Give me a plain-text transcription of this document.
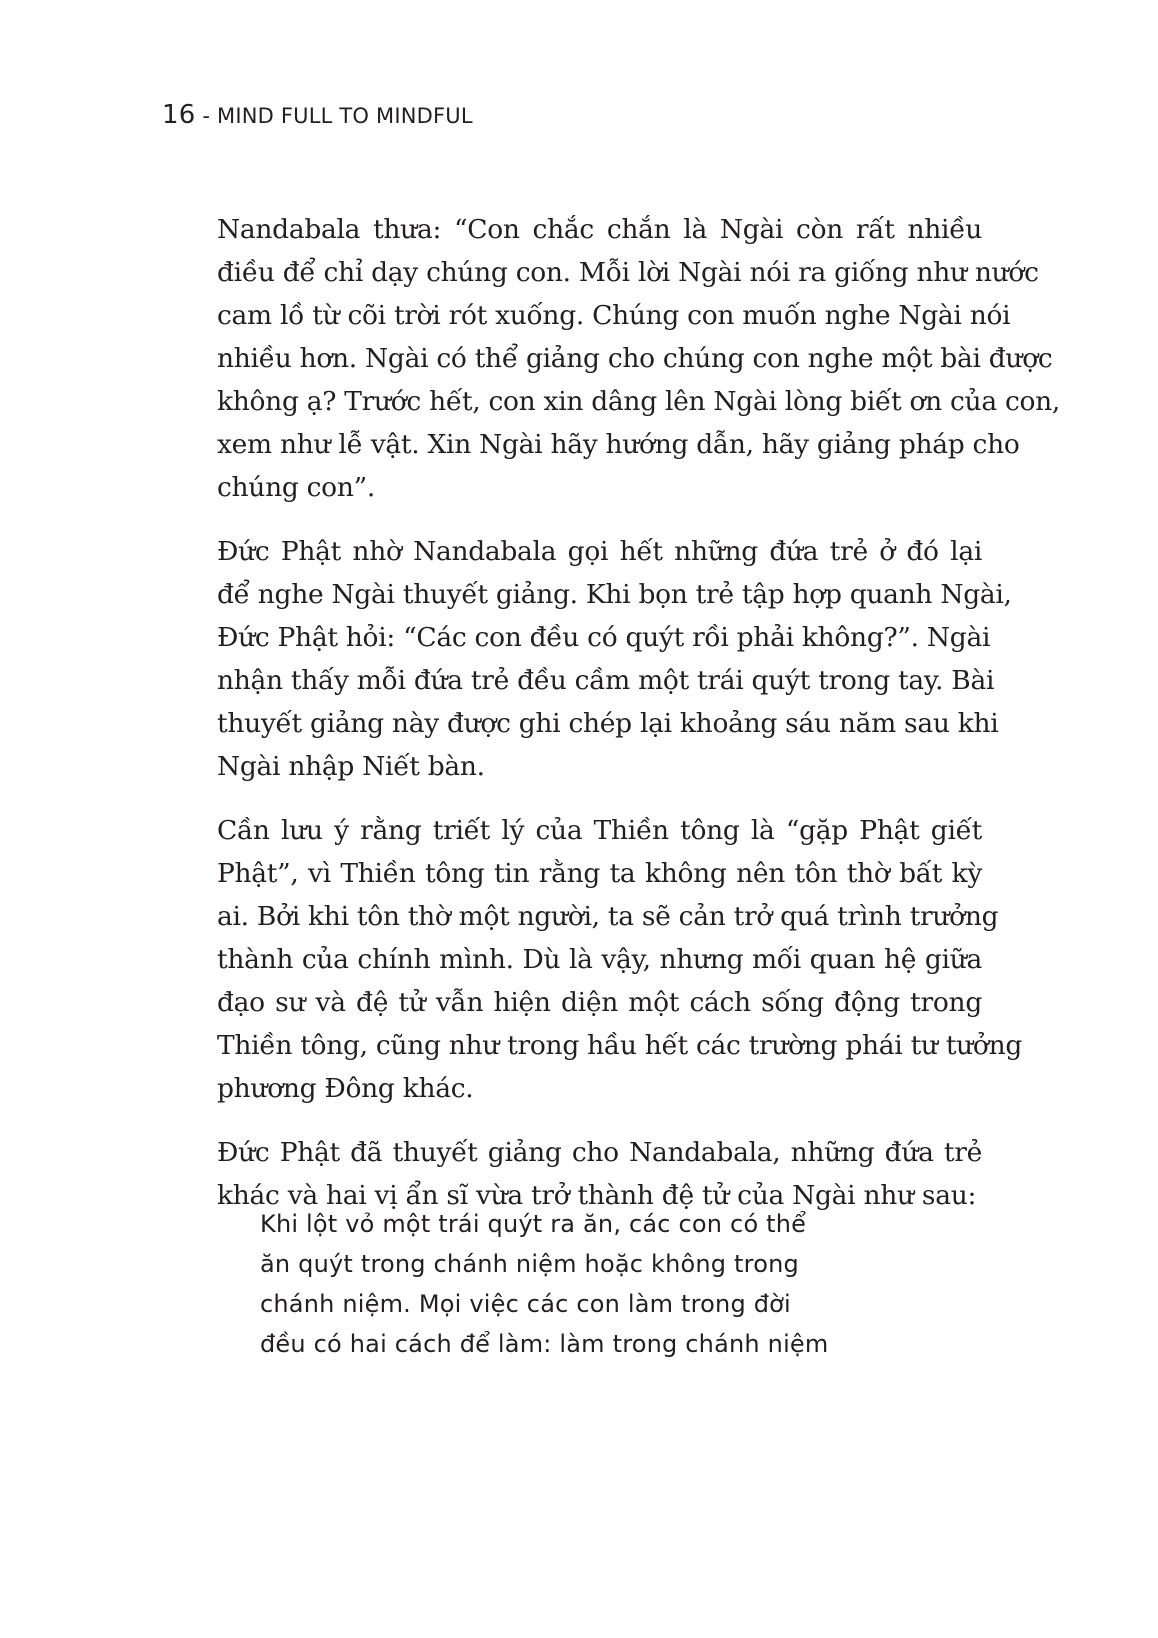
16 - MIND FULL TO MINDFUL

Nandabala thưa: “Con chắc chắn là Ngài còn rất nhiều
điều để chỉ dạy chúng con. Mỗi lời Ngài nói ra giống như nước
cam lồ từ cõi trời rót xuống. Chúng con muốn nghe Ngài nói
nhiều hơn. Ngài có thể giảng cho chúng con nghe một bài được
không ạ? Trước hết, con xin dâng lên Ngài lòng biết ơn của con,
xem như lễ vật. Xin Ngài hãy hướng dẫn, hãy giảng pháp cho
chúng con”.

Đức Phật nhờ Nandabala gọi hết những đứa trẻ ở đó lại
để nghe Ngài thuyết giảng. Khi bọn trẻ tập hợp quanh Ngài,
Đức Phật hỏi: “Các con đều có quýt rồi phải không?”. Ngài
nhận thấy mỗi đứa trẻ đều cầm một trái quýt trong tay. Bài
thuyết giảng này được ghi chép lại khoảng sáu năm sau khi
Ngài nhập Niết bàn.

Cần lưu ý rằng triết lý của Thiền tông là “gặp Phật giết
Phật”, vì Thiền tông tin rằng ta không nên tôn thờ bất kỳ
ai. Bởi khi tôn thờ một người, ta sẽ cản trở quá trình trưởng
thành của chính mình. Dù là vậy, nhưng mối quan hệ giữa
đạo sư và đệ tử vẫn hiện diện một cách sống động trong
Thiền tông, cũng như trong hầu hết các trường phái tư tưởng
phương Đông khác.

Đức Phật đã thuyết giảng cho Nandabala, những đứa trẻ
khác và hai vị ẩn sĩ vừa trở thành đệ tử của Ngài như sau:

Khi lột vỏ một trái quýt ra ăn, các con có thể
ăn quýt trong chánh niệm hoặc không trong
chánh niệm. Mọi việc các con làm trong đời
đều có hai cách để làm: làm trong chánh niệm
